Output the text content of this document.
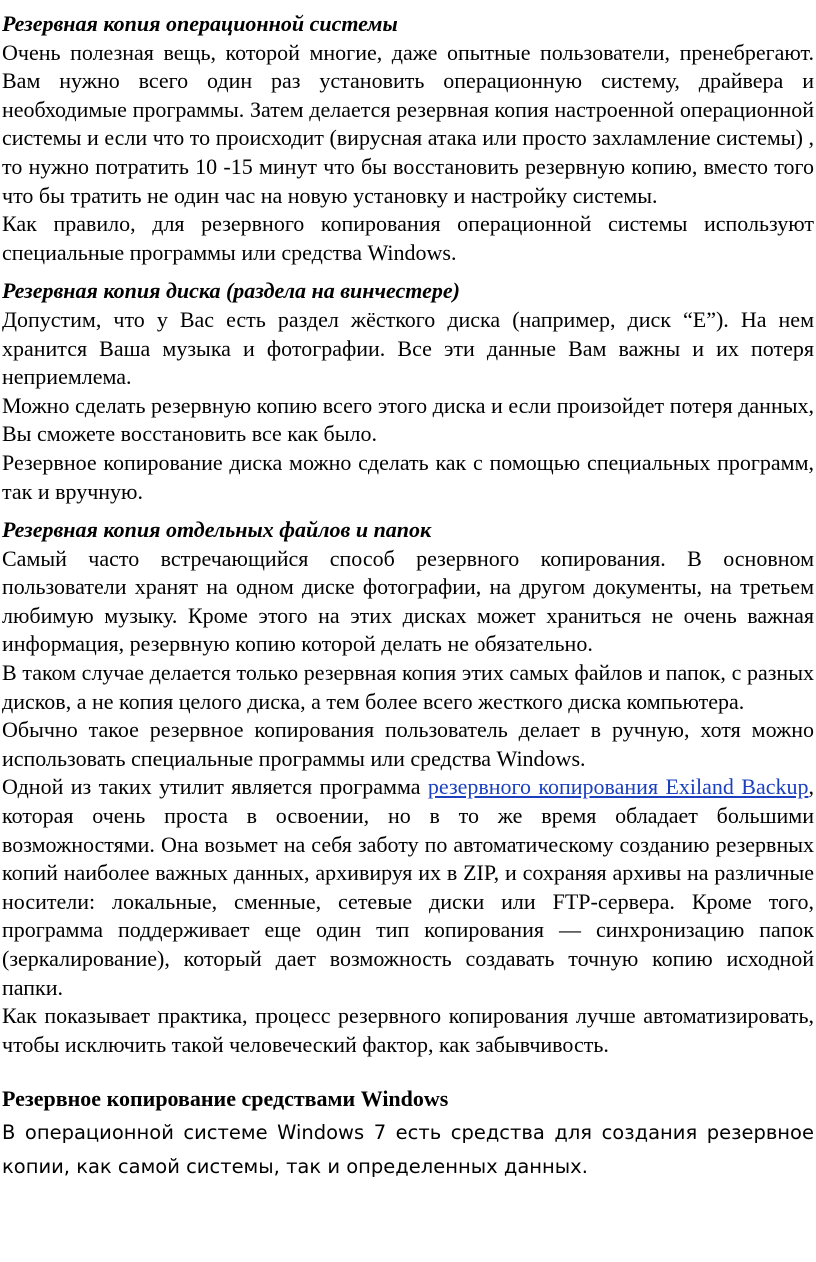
Резервная копия операционной системы

Очень полезная вещь, которой многие, даже опытные пользователи, пренебрегают. Вам нужно всего один раз установить операционную систему, драйвера и необходимые программы. Затем делается резервная копия настроенной операционной системы и если что то происходит (вирусная атака или просто захламление системы) , то нужно потратить 10 -15 минут что бы восстановить резервную копию, вместо того что бы тратить не один час на новую установку и настройку системы.

Как правило, для резервного копирования операционной системы используют специальные программы или средства Windows.

Резервная копия диска (раздела на винчестере)

Допустим, что у Вас есть раздел жёсткого диска (например, диск “E”). На нем хранится Ваша музыка и фотографии. Все эти данные Вам важны и их потеря неприемлема.

Можно сделать резервную копию всего этого диска и если произойдет потеря данных, Вы сможете восстановить все как было.

Резервное копирование диска можно сделать как с помощью специальных программ, так и вручную.

Резервная копия отдельных файлов и папок

Самый часто встречающийся способ резервного копирования. В основном пользователи хранят на одном диске фотографии, на другом документы, на третьем любимую музыку. Кроме этого на этих дисках может храниться не очень важная информация, резервную копию которой делать не обязательно.

В таком случае делается только резервная копия этих самых файлов и папок, с разных дисков, а не копия целого диска, а тем более всего жесткого диска компьютера.

Обычно такое резервное копирования пользователь делает в ручную, хотя можно использовать специальные программы или средства Windows.

Одной из таких утилит является программа резервного копирования Exiland Backup, которая очень проста в освоении, но в то же время обладает большими возможностями. Она возьмет на себя заботу по автоматическому созданию резервных копий наиболее важных данных, архивируя их в ZIP, и сохраняя архивы на различные носители: локальные, сменные, сетевые диски или FTP-сервера. Кроме того, программа поддерживает еще один тип копирования — синхронизацию папок (зеркалирование), который дает возможность создавать точную копию исходной папки.

Как показывает практика, процесс резервного копирования лучше автоматизировать, чтобы исключить такой человеческий фактор, как забывчивость.

Резервное копирование средствами Windows

В операционной системе Windows 7 есть средства для создания резервное копии, как самой системы, так и определенных данных.
